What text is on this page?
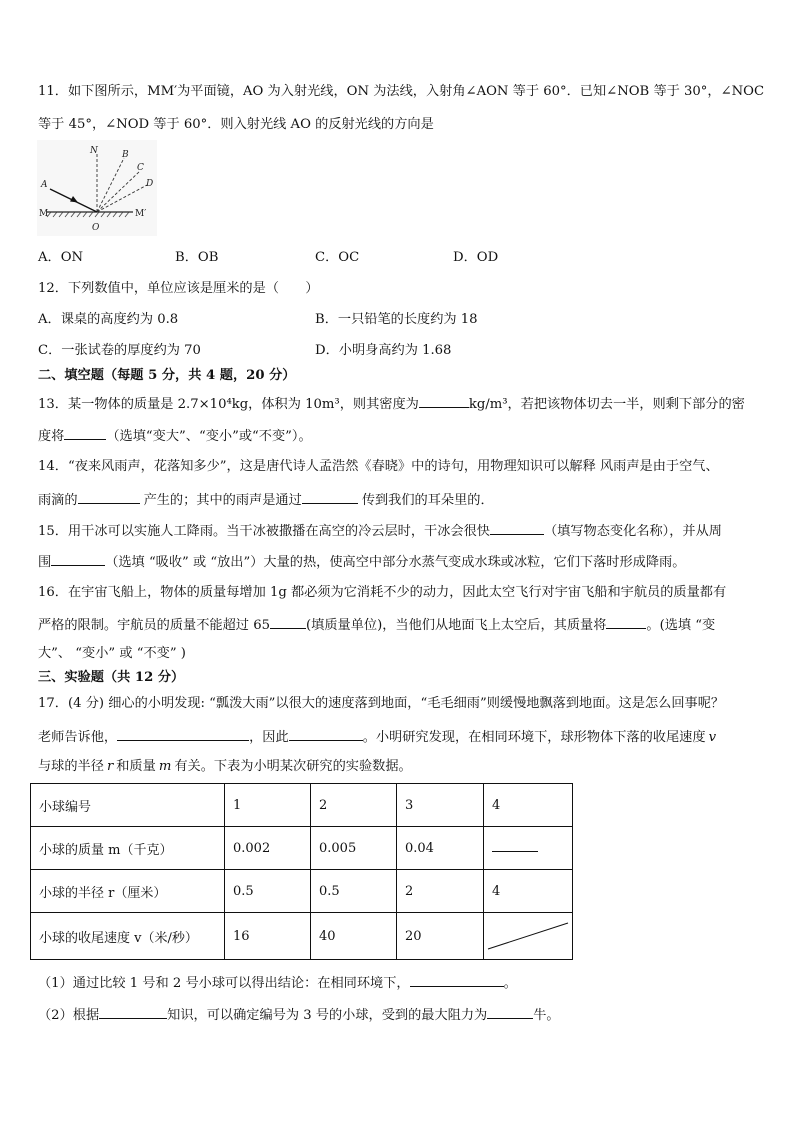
11．如下图所示，MM′为平面镜，AO 为入射光线，ON 为法线，入射角∠AON 等于 60°．已知∠NOB 等于 30°，∠NOC
等于 45°，∠NOD 等于 60°．则入射光线 AO 的反射光线的方向是
N	B
C
D
A
O
M	M′
A．ON	B．OB	C．OC	D．OD
12．下列数值中，单位应该是厘米的是（　　）
A．课桌的高度约为 0.8	B．一只铅笔的长度约为 18
C．一张试卷的厚度约为 70	D．小明身高约为 1.68
二、填空题（每题 5 分，共 4 题，20 分）
13．某一物体的质量是 2.7×10⁴kg，体积为 10m³，则其密度为	kg/m³，若把该物体切去一半，则剩下部分的密
度将	（选填“变大”、“变小”或“不变”）。
14．“夜来风雨声，花落知多少”，这是唐代诗人孟浩然《春晓》中的诗句，用物理知识可以解释 风雨声是由于空气、
雨滴的	产生的；其中的雨声是通过	传到我们的耳朵里的．
15．用干冰可以实施人工降雨。当干冰被撒播在高空的冷云层时，干冰会很快	（填写物态变化名称），并从周
围	（选填 “吸收” 或 “放出”）大量的热，使高空中部分水蒸气变成水珠或冰粒，它们下落时形成降雨。
16．在宇宙飞船上，物体的质量每增加 1g 都必须为它消耗不少的动力，因此太空飞行对宇宙飞船和宇航员的质量都有
严格的限制。宇航员的质量不能超过 65	(填质量单位)，当他们从地面飞上太空后，其质量将	。(选填 “变
大”、 “变小” 或 “不变” )
三、实验题（共 12 分）
17．(4 分) 细心的小明发现: “瓢泼大雨”以很大的速度落到地面，“毛毛细雨”则缓慢地飘落到地面。这是怎么回事呢？
老师告诉他，	，因此	。小明研究发现，在相同环境下，球形物体下落的收尾速度 v
与球的半径 r 和质量 m 有关。下表为小明某次研究的实验数据。
小球编号	1	2	3	4
小球的质量 m（千克）	0.002	0.005	0.04	
小球的半径 r（厘米）	0.5	0.5	2	4
小球的收尾速度 v（米/秒）	16	40	20	
（1）通过比较 1 号和 2 号小球可以得出结论：在相同环境下，	。
（2）根据	知识，可以确定编号为 3 号的小球，受到的最大阻力为	牛。
